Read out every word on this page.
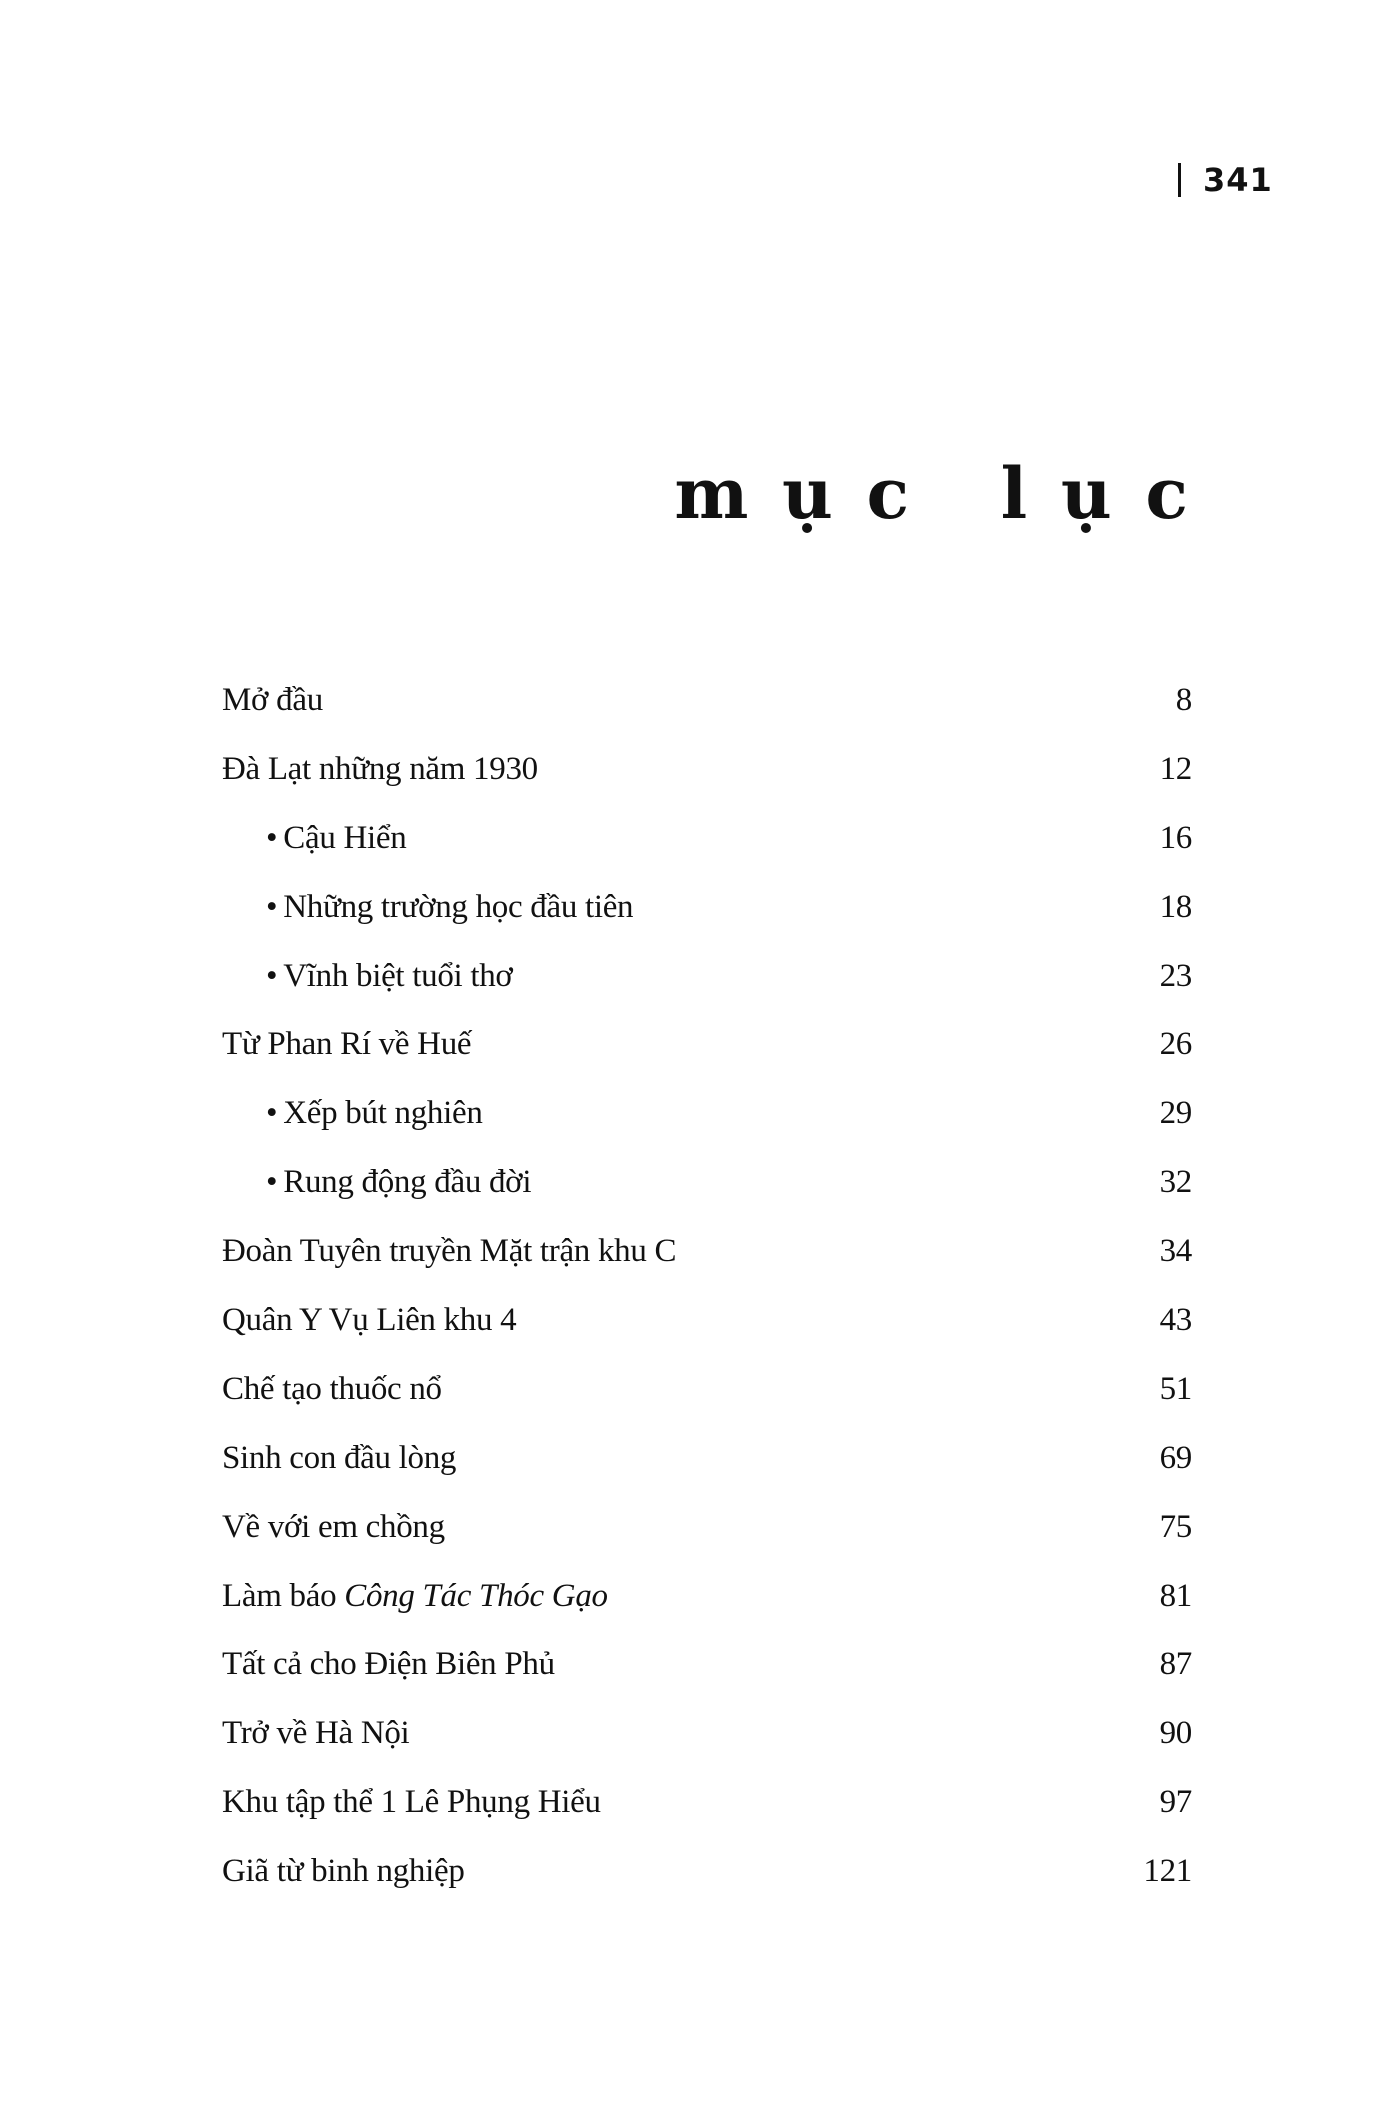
341
mục lục
Mở đầu	8
Đà Lạt những năm 1930	12
• Cậu Hiển	16
• Những trường học đầu tiên	18
• Vĩnh biệt tuổi thơ	23
Từ Phan Rí về Huế	26
• Xếp bút nghiên	29
• Rung động đầu đời	32
Đoàn Tuyên truyền Mặt trận khu C	34
Quân Y Vụ Liên khu 4	43
Chế tạo thuốc nổ	51
Sinh con đầu lòng	69
Về với em chồng	75
Làm báo Công Tác Thóc Gạo	81
Tất cả cho Điện Biên Phủ	87
Trở về Hà Nội	90
Khu tập thể 1 Lê Phụng Hiểu	97
Giã từ binh nghiệp	121
